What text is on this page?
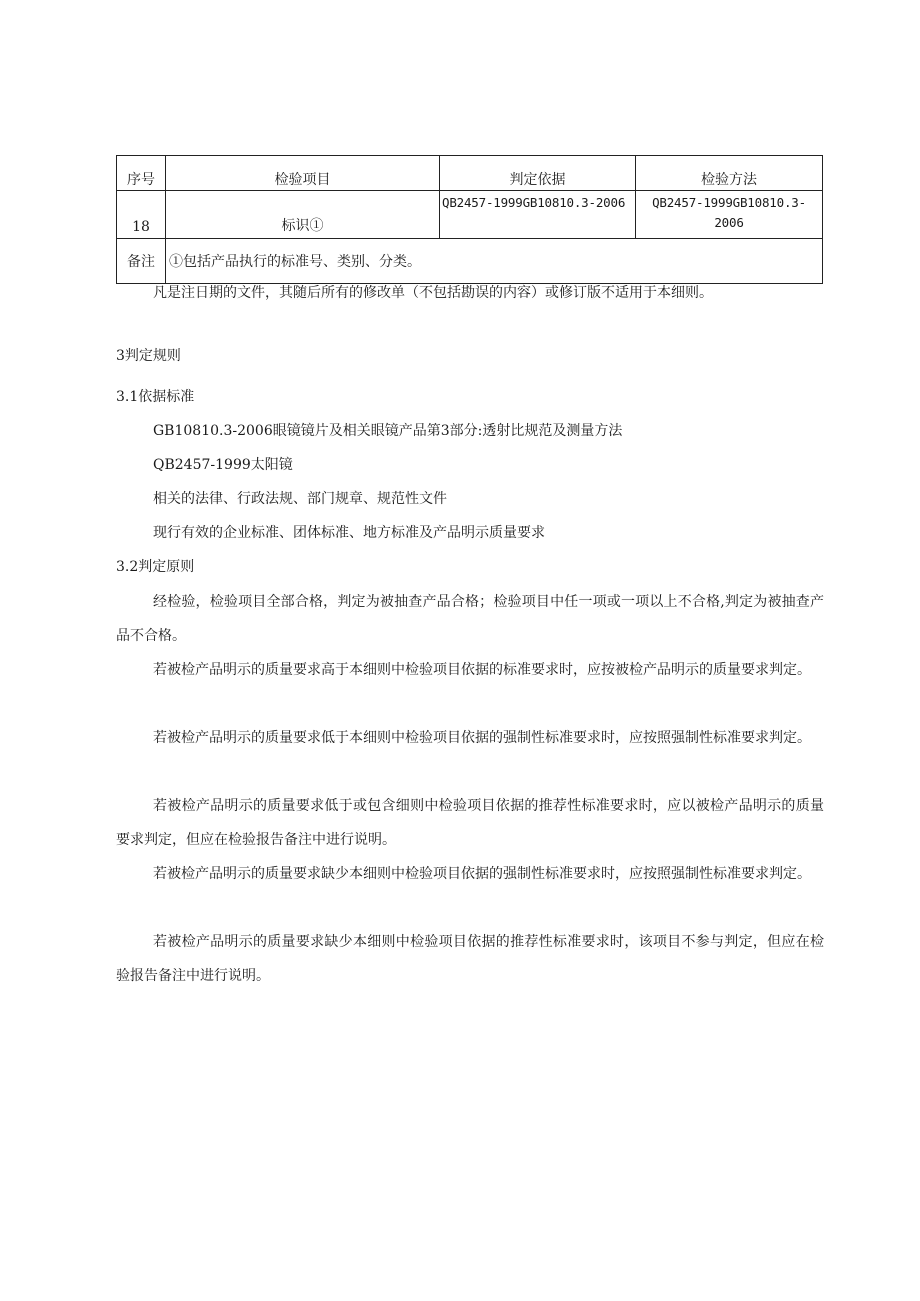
序号	检验项目	判定依据	检验方法
18	标识①	QB2457-1999GB10810.3-2006	QB2457-1999GB10810.3-
2006
备注	①包括产品执行的标准号、类别、分类。		
凡是注日期的文件，其随后所有的修改单（不包括勘误的内容）或修订版不适用于本细则。
3判定规则
3.1依据标准
GB10810.3-2006眼镜镜片及相关眼镜产品第3部分:透射比规范及测量方法
QB2457-1999太阳镜
相关的法律、行政法规、部门规章、规范性文件
现行有效的企业标准、团体标准、地方标准及产品明示质量要求
3.2判定原则
经检验，检验项目全部合格，判定为被抽查产品合格；检验项目中任一项或一项以上不合格,判定为被抽查产品不合格。
若被检产品明示的质量要求高于本细则中检验项目依据的标准要求时，应按被检产品明示的质量要求判定。
若被检产品明示的质量要求低于本细则中检验项目依据的强制性标准要求时，应按照强制性标准要求判定。
若被检产品明示的质量要求低于或包含细则中检验项目依据的推荐性标准要求时，应以被检产品明示的质量要求判定，但应在检验报告备注中进行说明。
若被检产品明示的质量要求缺少本细则中检验项目依据的强制性标准要求时，应按照强制性标准要求判定。
若被检产品明示的质量要求缺少本细则中检验项目依据的推荐性标准要求时，该项目不参与判定，但应在检验报告备注中进行说明。
